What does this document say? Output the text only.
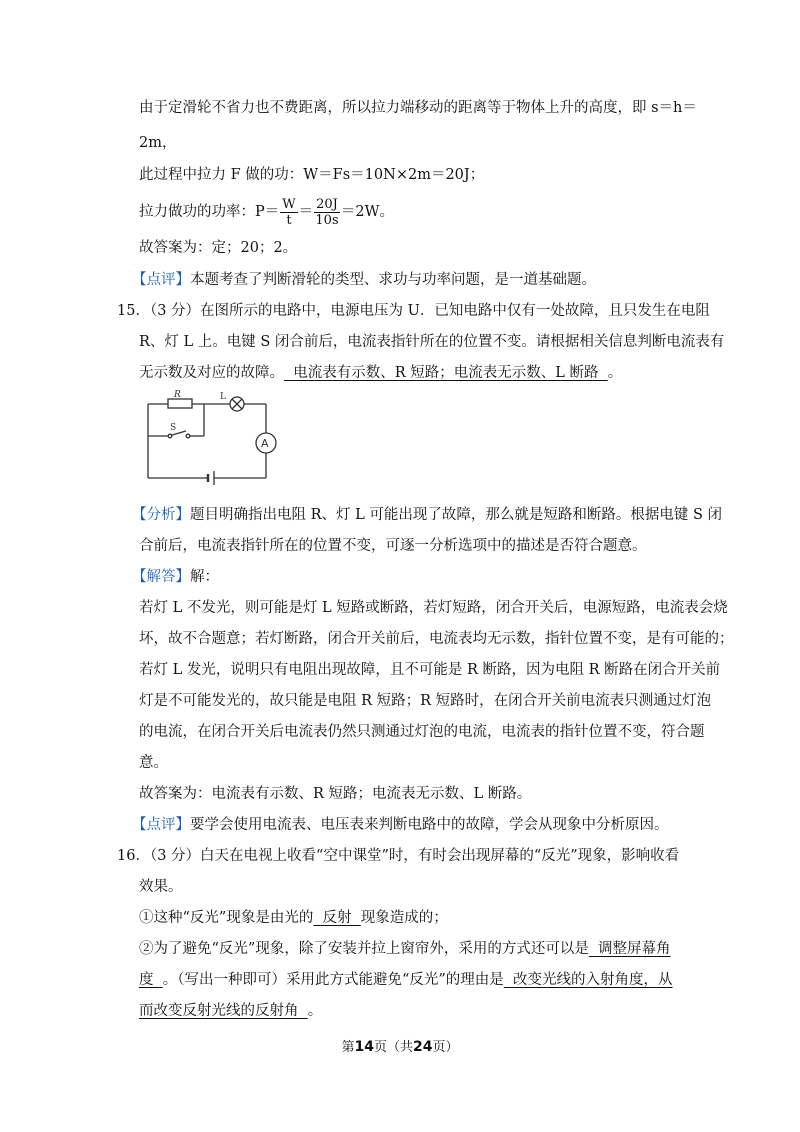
由于定滑轮不省力也不费距离，所以拉力端移动的距离等于物体上升的高度，即 s＝h＝
2m，
此过程中拉力 F 做的功：W＝Fs＝10N×2m＝20J；
拉力做功的功率：$P= \frac{W}{t} = \frac{20J}{10s} =2W$。
故答案为：定；20；2。
【点评】本题考查了判断滑轮的类型、求功与功率问题，是一道基础题。
15．（3 分）在图所示的电路中，电源电压为 U．已知电路中仅有一处故障，且只发生在电阻
R、灯 L 上。电键 S 闭合前后，电流表指针所在的位置不变。请根据相关信息判断电流表有
无示数及对应的故障。  电流表有示数、R 短路；电流表无示数、L 断路  。
R	L
S
A
【分析】题目明确指出电阻 R、灯 L 可能出现了故障，那么就是短路和断路。根据电键 S 闭
合前后，电流表指针所在的位置不变，可逐一分析选项中的描述是否符合题意。
【解答】解：
若灯 L 不发光，则可能是灯 L 短路或断路，若灯短路，闭合开关后，电源短路，电流表会烧
坏，故不合题意；若灯断路，闭合开关前后，电流表均无示数，指针位置不变，是有可能的；
若灯 L 发光，说明只有电阻出现故障，且不可能是 R 断路，因为电阻 R 断路在闭合开关前
灯是不可能发光的，故只能是电阻 R 短路；R 短路时，在闭合开关前电流表只测通过灯泡
的电流，在闭合开关后电流表仍然只测通过灯泡的电流，电流表的指针位置不变，符合题
意。
故答案为：电流表有示数、R 短路；电流表无示数、L 断路。
【点评】要学会使用电流表、电压表来判断电路中的故障，学会从现象中分析原因。
16．（3 分）白天在电视上收看“空中课堂”时，有时会出现屏幕的“反光”现象，影响收看
效果。
①这种“反光”现象是由光的  反射  现象造成的；
②为了避免“反光”现象，除了安装并拉上窗帘外，采用的方式还可以是  调整屏幕角
度  。（写出一种即可）采用此方式能避免“反光”的理由是  改变光线的入射角度，从
而改变反射光线的反射角  。
第14页（共24页）
